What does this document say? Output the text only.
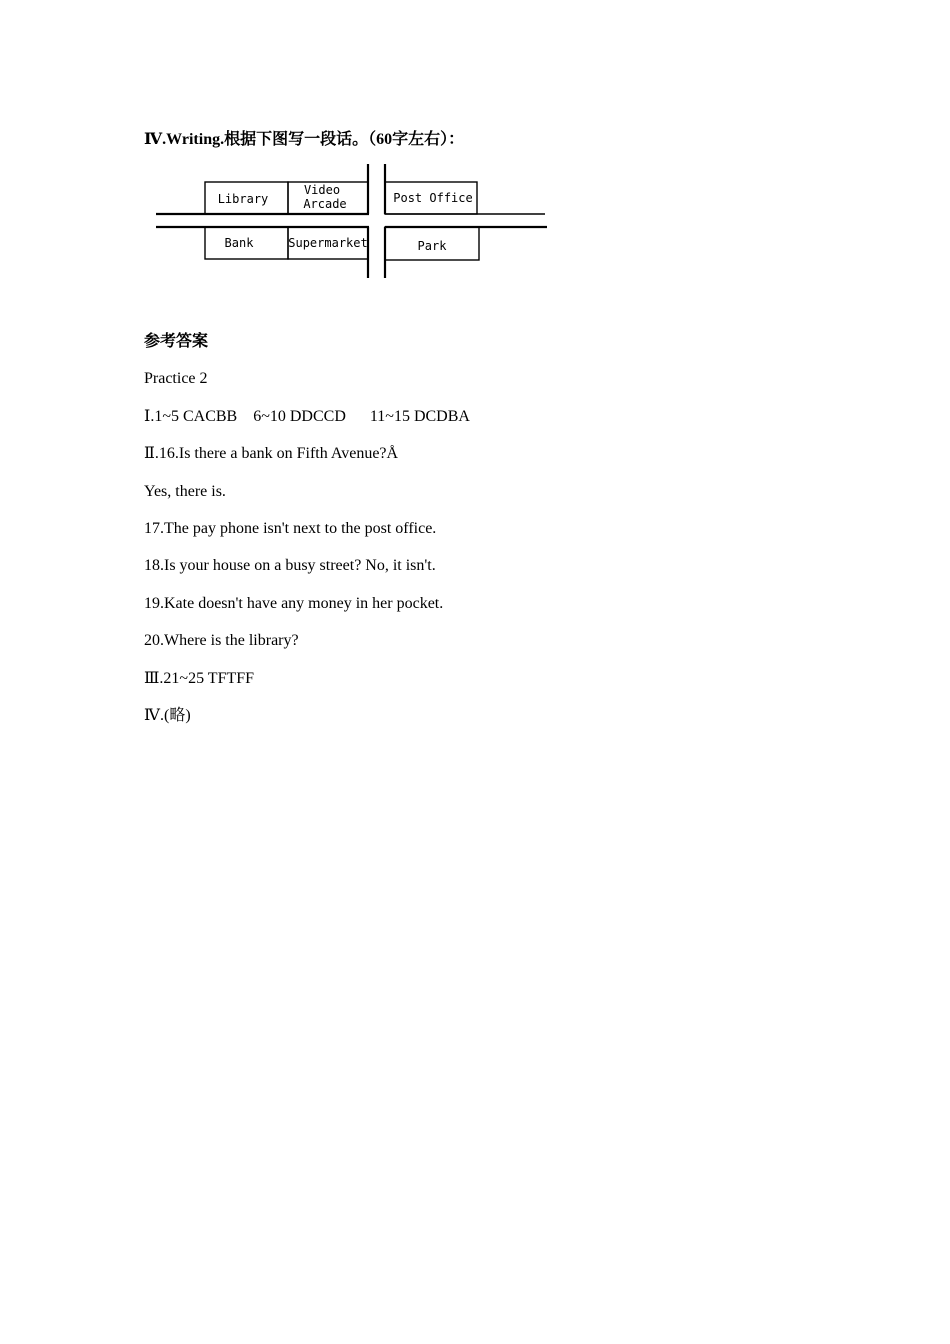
Ⅳ.Writing.根据下图写一段话。（60字左右）：
Library
Video
Arcade
Bank	Supermarket
Post Office
Park
参考答案
Practice 2
Ⅰ.1~5 CACBB    6~10 DDCCD      11~15 DCDBA
Ⅱ.16.Is there a bank on Fifth Avenue?Å
Yes, there is.
17.The pay phone isn't next to the post office.
18.Is your house on a busy street? No, it isn't.
19.Kate doesn't have any money in her pocket.
20.Where is the library?
Ⅲ.21~25 TFTFF
Ⅳ.(略)
